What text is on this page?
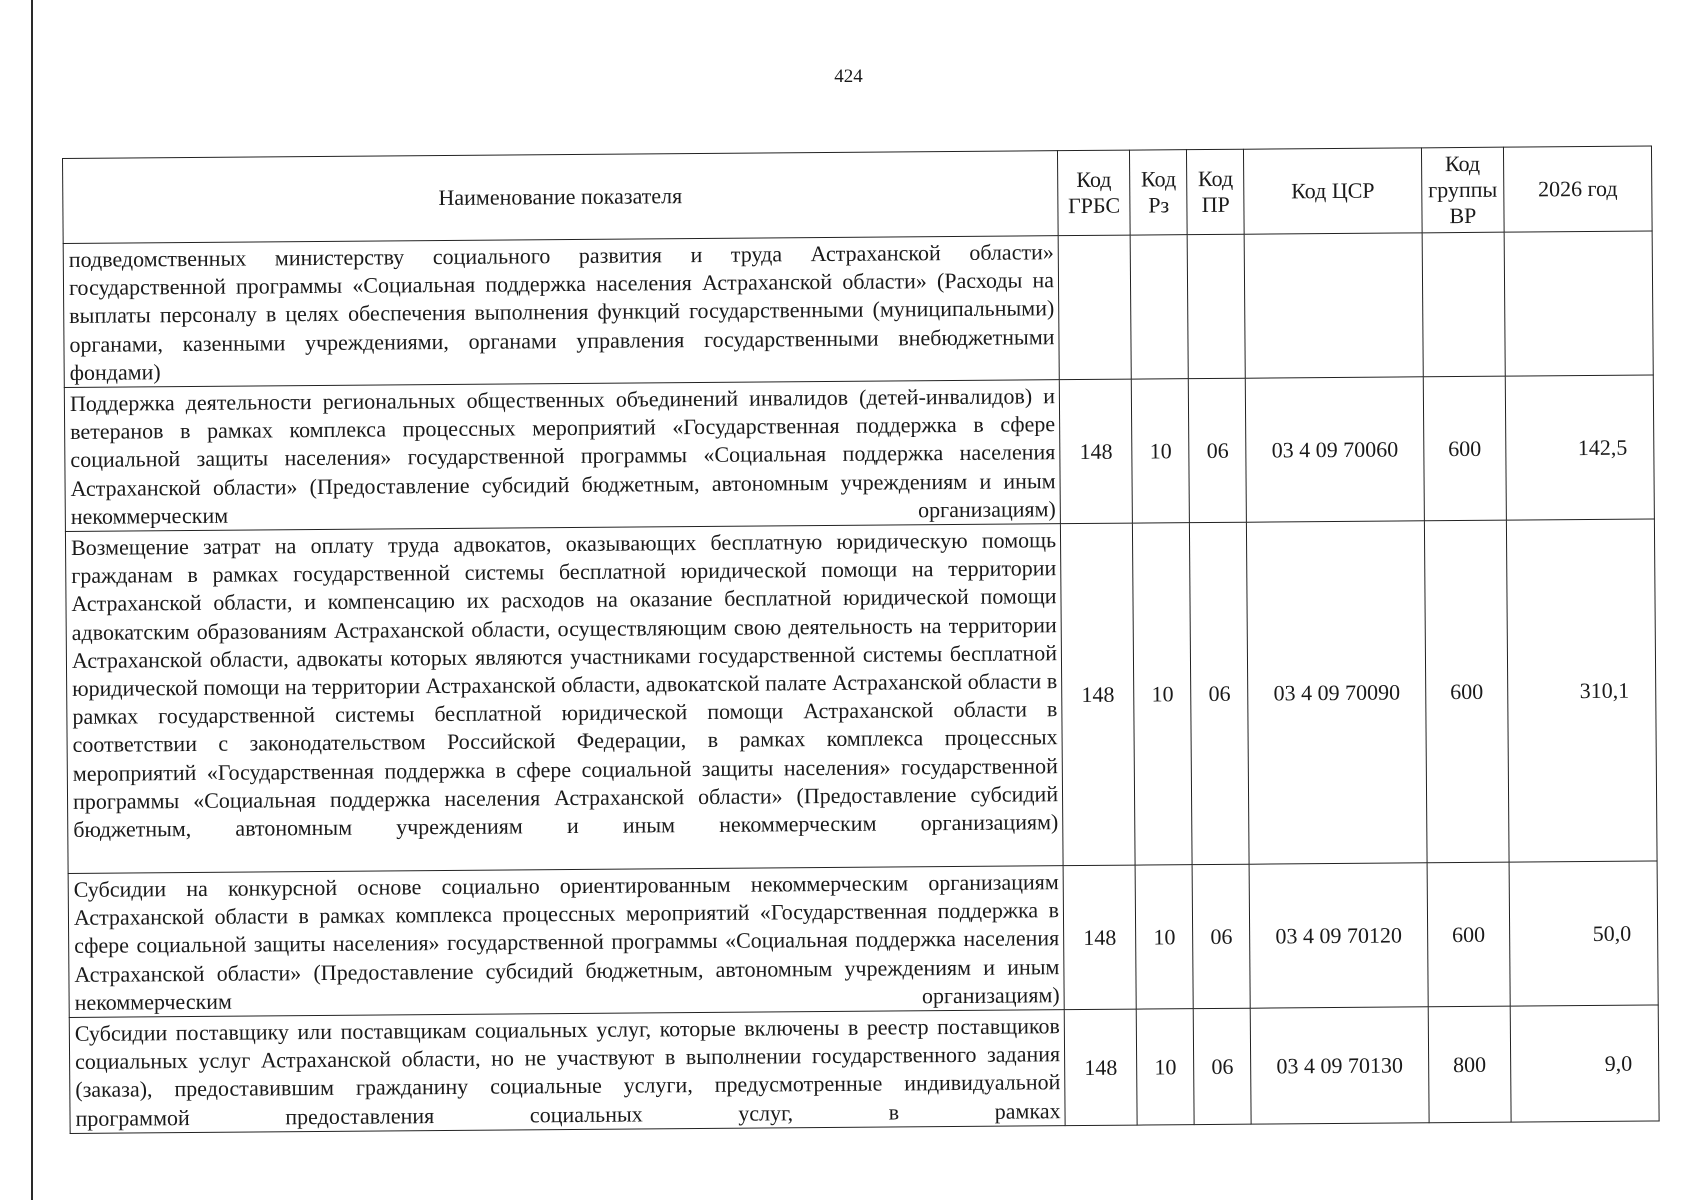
424
Наименование показателя	Код ГРБС	Код Рз	Код ПР	Код ЦСР	Код группы ВР	2026 год
подведомственных министерству социального развития и труда Астраханской области» государственной программы «Социальная поддержка населения Астраханской области» (Расходы на выплаты персоналу в целях обеспечения выполнения функций государственными (муниципальными) органами, казенными учреждениями, органами управления государственными внебюджетными фондами)						
Поддержка деятельности региональных общественных объединений инвалидов (детей-инвалидов) и ветеранов в рамках комплекса процессных мероприятий «Государственная поддержка в сфере социальной защиты населения» государственной программы «Социальная поддержка населения Астраханской области» (Предоставление субсидий бюджетным, автономным учреждениям и иным некоммерческим организациям)	148	10	06	03 4 09 70060	600	142,5
Возмещение затрат на оплату труда адвокатов, оказывающих бесплатную юридическую помощь гражданам в рамках государственной системы бесплатной юридической помощи на территории Астраханской области, и компенсацию их расходов на оказание бесплатной юридической помощи адвокатским образованиям Астраханской области, осуществляющим свою деятельность на территории Астраханской области, адвокаты которых являются участниками государственной системы бесплатной юридической помощи на территории Астраханской области, адвокатской палате Астраханской области в рамках государственной системы бесплатной юридической помощи Астраханской области в соответствии с законодательством Российской Федерации, в рамках комплекса процессных мероприятий «Государственная поддержка в сфере социальной защиты населения» государственной программы «Социальная поддержка населения Астраханской области» (Предоставление субсидий бюджетным, автономным учреждениям и иным некоммерческим организациям)	148	10	06	03 4 09 70090	600	310,1
Субсидии на конкурсной основе социально ориентированным некоммерческим организациям Астраханской области в рамках комплекса процессных мероприятий «Государственная поддержка в сфере социальной защиты населения» государственной программы «Социальная поддержка населения Астраханской области» (Предоставление субсидий бюджетным, автономным учреждениям и иным некоммерческим организациям)	148	10	06	03 4 09 70120	600	50,0
Субсидии поставщику или поставщикам социальных услуг, которые включены в реестр поставщиков социальных услуг Астраханской области, но не участвуют в выполнении государственного задания (заказа), предоставившим гражданину социальные услуги, предусмотренные индивидуальной программой предоставления социальных услуг, в рамках	148	10	06	03 4 09 70130	800	9,0
